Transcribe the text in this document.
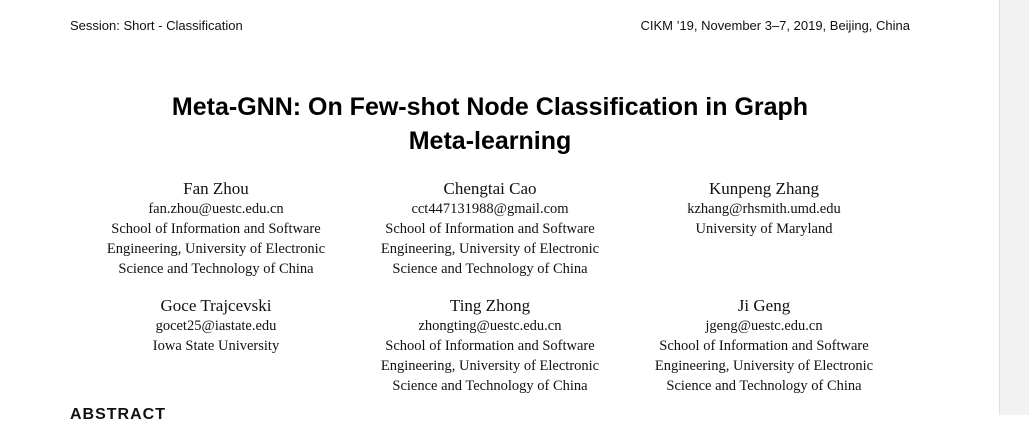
Session: Short - Classification	CIKM ’19, November 3–7, 2019, Beijing, China
Meta-GNN: On Few-shot Node Classification in Graph
Meta-learning
Fan Zhou
fan.zhou@uestc.edu.cn
School of Information and Software
Engineering, University of Electronic
Science and Technology of China
Chengtai Cao
cct447131988@gmail.com
School of Information and Software
Engineering, University of Electronic
Science and Technology of China
Kunpeng Zhang
kzhang@rhsmith.umd.edu
University of Maryland
Goce Trajcevski
gocet25@iastate.edu
Iowa State University
Ting Zhong
zhongting@uestc.edu.cn
School of Information and Software
Engineering, University of Electronic
Science and Technology of China
Ji Geng
jgeng@uestc.edu.cn
School of Information and Software
Engineering, University of Electronic
Science and Technology of China
ABSTRACT
